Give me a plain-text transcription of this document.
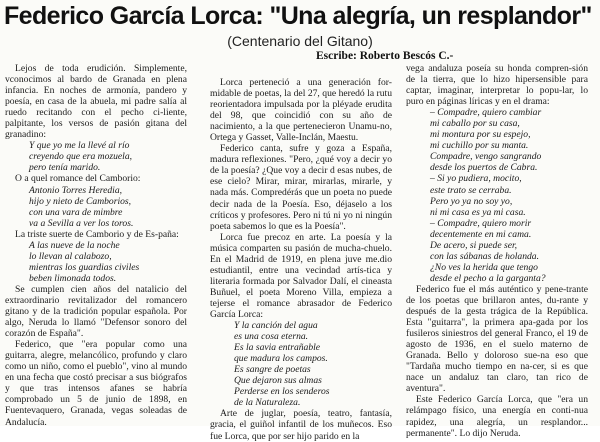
Federico García Lorca: "Una alegría, un resplandor"
(Centenario del Gitano)
Escribe: Roberto Bescós C.-

Lejos de toda erudición. Simplemente, vconocimos al bardo de Granada en plena infancia. En noches de armonía, pandero y poesía, en casa de la abuela, mi padre salía al ruedo recitando con el pecho ci-liente, palpitante, los versos de pasión gitana del granadino:

Y que yo me la llevé al río

creyendo que era mozuela,

pero tenía marido.

O a quel romance del Camborio:

Antonio Torres Heredia,

hijo y nieto de Camborios,

con una vara de mimbre

va a Sevilla a ver los toros.

La triste suerte de Camborio y de Es-paña:

A las nueve de la noche

lo llevan al calabozo,

mientras los guardias civiles

beben limonada todos.

Se cumplen cien años del natalicio del extraordinario revitalizador del romancero gitano y de la tradición popular española. Por algo, Neruda lo llamó "Defensor sonoro del corazón de España".

Federico, que "era popular como una guitarra, alegre, melancólico, profundo y claro como un niño, como el pueblo", vino al mundo en una fecha que costó precisar a sus biógrafos y que tras intensos afanes se habría comprobado un 5 de junio de 1898, en Fuentevaquero, Granada, vegas soleadas de Andalucía.

Lorca perteneció a una generación for-midable de poetas, la del 27, que heredó la rutu reorientadora impulsada por la pléyade erudita del 98, que coincidió con su año de nacimiento, a la que pertenecieron Unamu-no, Ortega y Gasset, Valle-Inclán, Maestu.

Federico canta, sufre y goza a España, madura reflexiones. "Pero, ¿qué voy a decir yo de la poesía? ¿Que voy a decir d esas nubes, de ese cielo? Mirar, mirar, mirarlas, mirarle, y nada más. Compredérás que un poeta no puede decir nada de la Poesía. Eso, déjaselo a los críticos y profesores. Pero ni tú ni yo ni ningún poeta sabemos lo que es la Poesía".

Lorca fue precoz en arte. La poesía y la música comparten su pasión de mucha-chuelo. En el Madrid de 1919, en plena juve me.dio estudiantil, entre una vecindad artís-tica y literaria formada por Salvador Dalí, el cineasta Buñuel, el poeta Moreno Villa, empieza a tejerse el romance abrasador de Federico García Lorca:

Y la canción del agua

es una cosa eterna.

Es la savia entrañable

que madura los campos.

Es sangre de poetas

Que dejaron sus almas

Perderse en los senderos

de la Naturaleza.

Arte de juglar, poesía, teatro, fantasía, gracia, el guiñol infantil de los muñecos. Eso fue Lorca, que por ser hijo parido en la

vega andaluza poseía su honda compren-sión de la tierra, que lo hizo hipersensible para captar, imaginar, interpretar lo popu-lar, lo puro en páginas líricas y en el drama:

– Compadre, quiero cambiar

mi caballo por su casa,

mi montura por su espejo,

mi cuchillo por su manta.

Compadre, vengo sangrando

desde los puertos de Cabra.

– Si yo pudiera, mocito,

este trato se cerraba.

Pero yo ya no soy yo,

ni mi casa es ya mi casa.

– Compadre, quiero morir

decentemente en mi cama.

De acero, si puede ser,

con las sábanas de holanda.

¿No ves la herida que tengo

desde el pecho a la garganta?

Federico fue el más auténtico y pene-trante de los poetas que brillaron antes, du-rante y después de la gesta trágica de la República. Esta "guitarra", la primera apa-gada por los fusileros siniestros del general Franco, el 19 de agosto de 1936, en el suelo materno de Granada. Bello y doloroso sue-na eso que "Tardaña mucho tiempo en na-cer, si es que nace un andaluz tan claro, tan rico de aventura".

Este Federico García Lorca, que "era un relámpago físico, una energía en conti-nua rapidez, una alegría, un resplandor... permanente". Lo dijo Neruda.
